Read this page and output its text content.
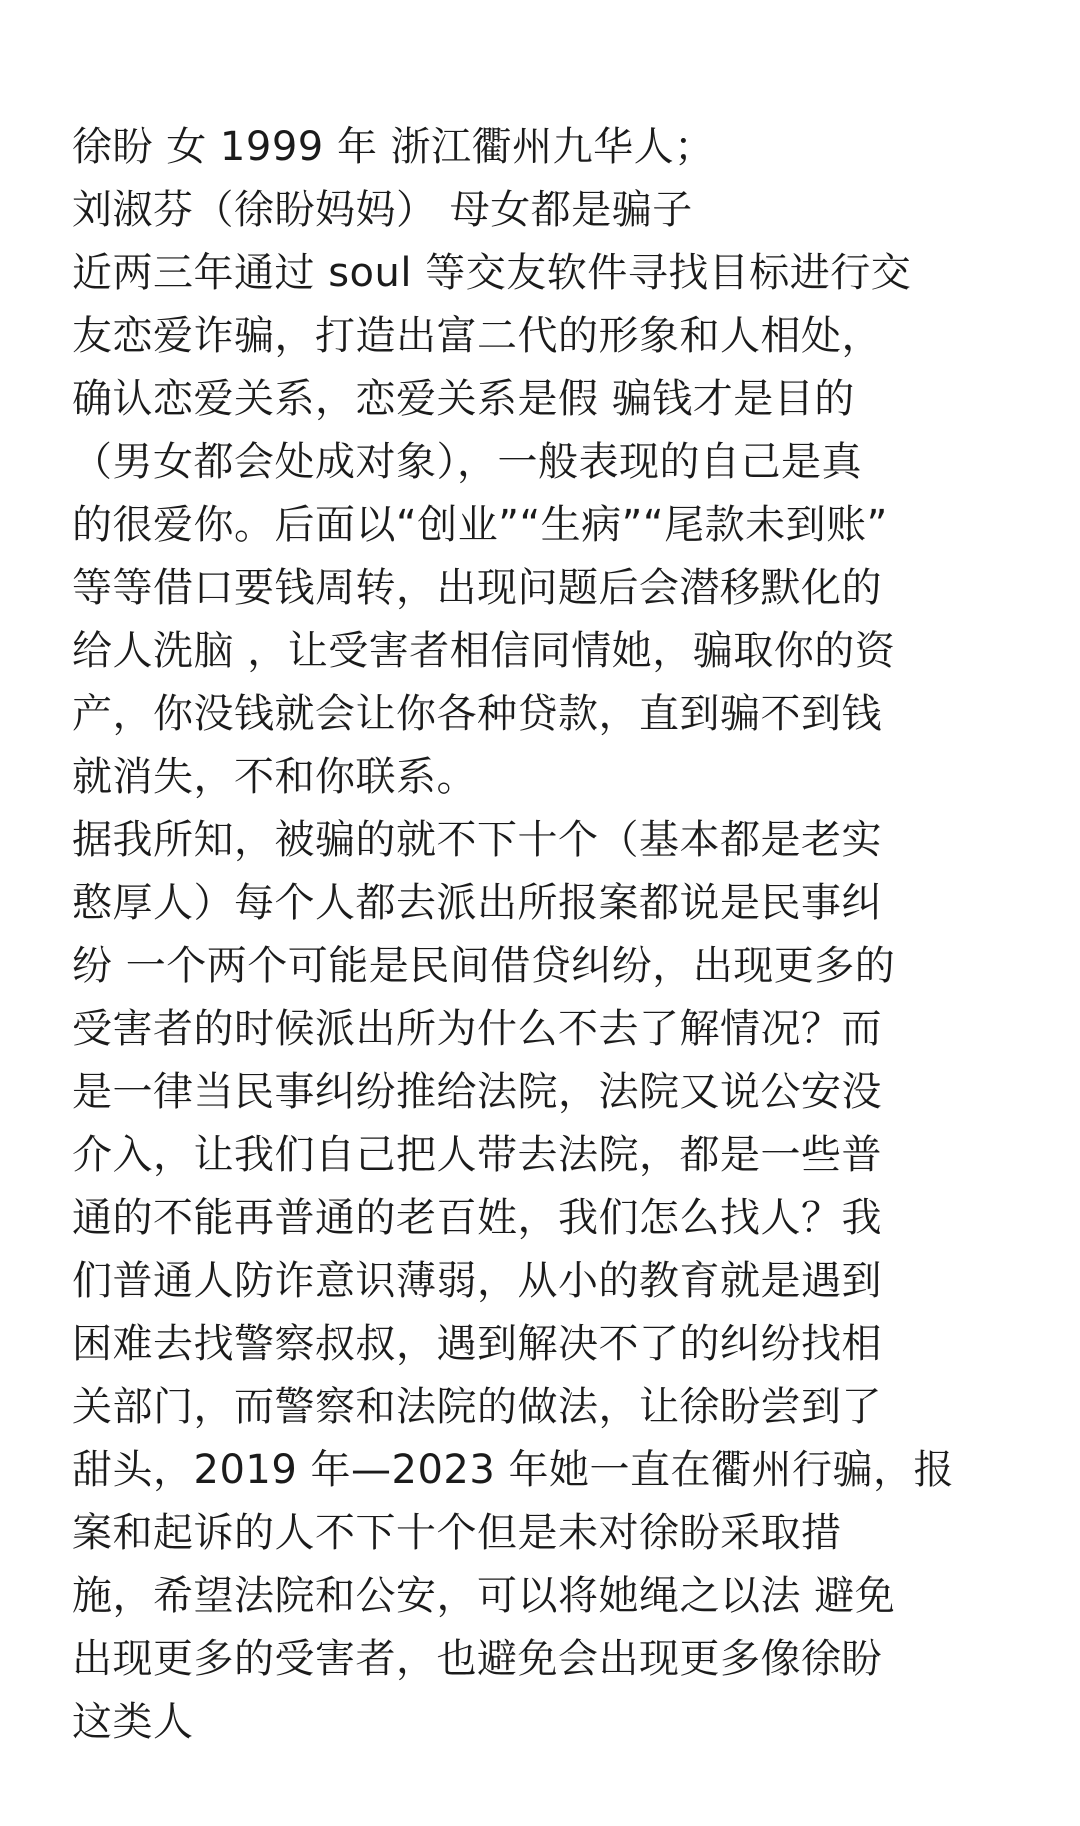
徐盼 女 1999 年 浙江衢州九华人；
刘淑芬（徐盼妈妈） 母女都是骗子
近两三年通过 soul 等交友软件寻找目标进行交
友恋爱诈骗，打造出富二代的形象和人相处，
确认恋爱关系，恋爱关系是假 骗钱才是目的
（男女都会处成对象），一般表现的自己是真
的很爱你。后面以“创业”“生病”“尾款未到账”
等等借口要钱周转，出现问题后会潜移默化的
给人洗脑 ，让受害者相信同情她，骗取你的资
产，你没钱就会让你各种贷款，直到骗不到钱
就消失，不和你联系。
据我所知，被骗的就不下十个（基本都是老实
憨厚人）每个人都去派出所报案都说是民事纠
纷 一个两个可能是民间借贷纠纷，出现更多的
受害者的时候派出所为什么不去了解情况？而
是一律当民事纠纷推给法院，法院又说公安没
介入，让我们自己把人带去法院，都是一些普
通的不能再普通的老百姓，我们怎么找人？我
们普通人防诈意识薄弱，从小的教育就是遇到
困难去找警察叔叔，遇到解决不了的纠纷找相
关部门，而警察和法院的做法，让徐盼尝到了
甜头，2019 年—2023 年她一直在衢州行骗，报
案和起诉的人不下十个但是未对徐盼采取措
施，希望法院和公安，可以将她绳之以法 避免
出现更多的受害者，也避免会出现更多像徐盼
这类人
